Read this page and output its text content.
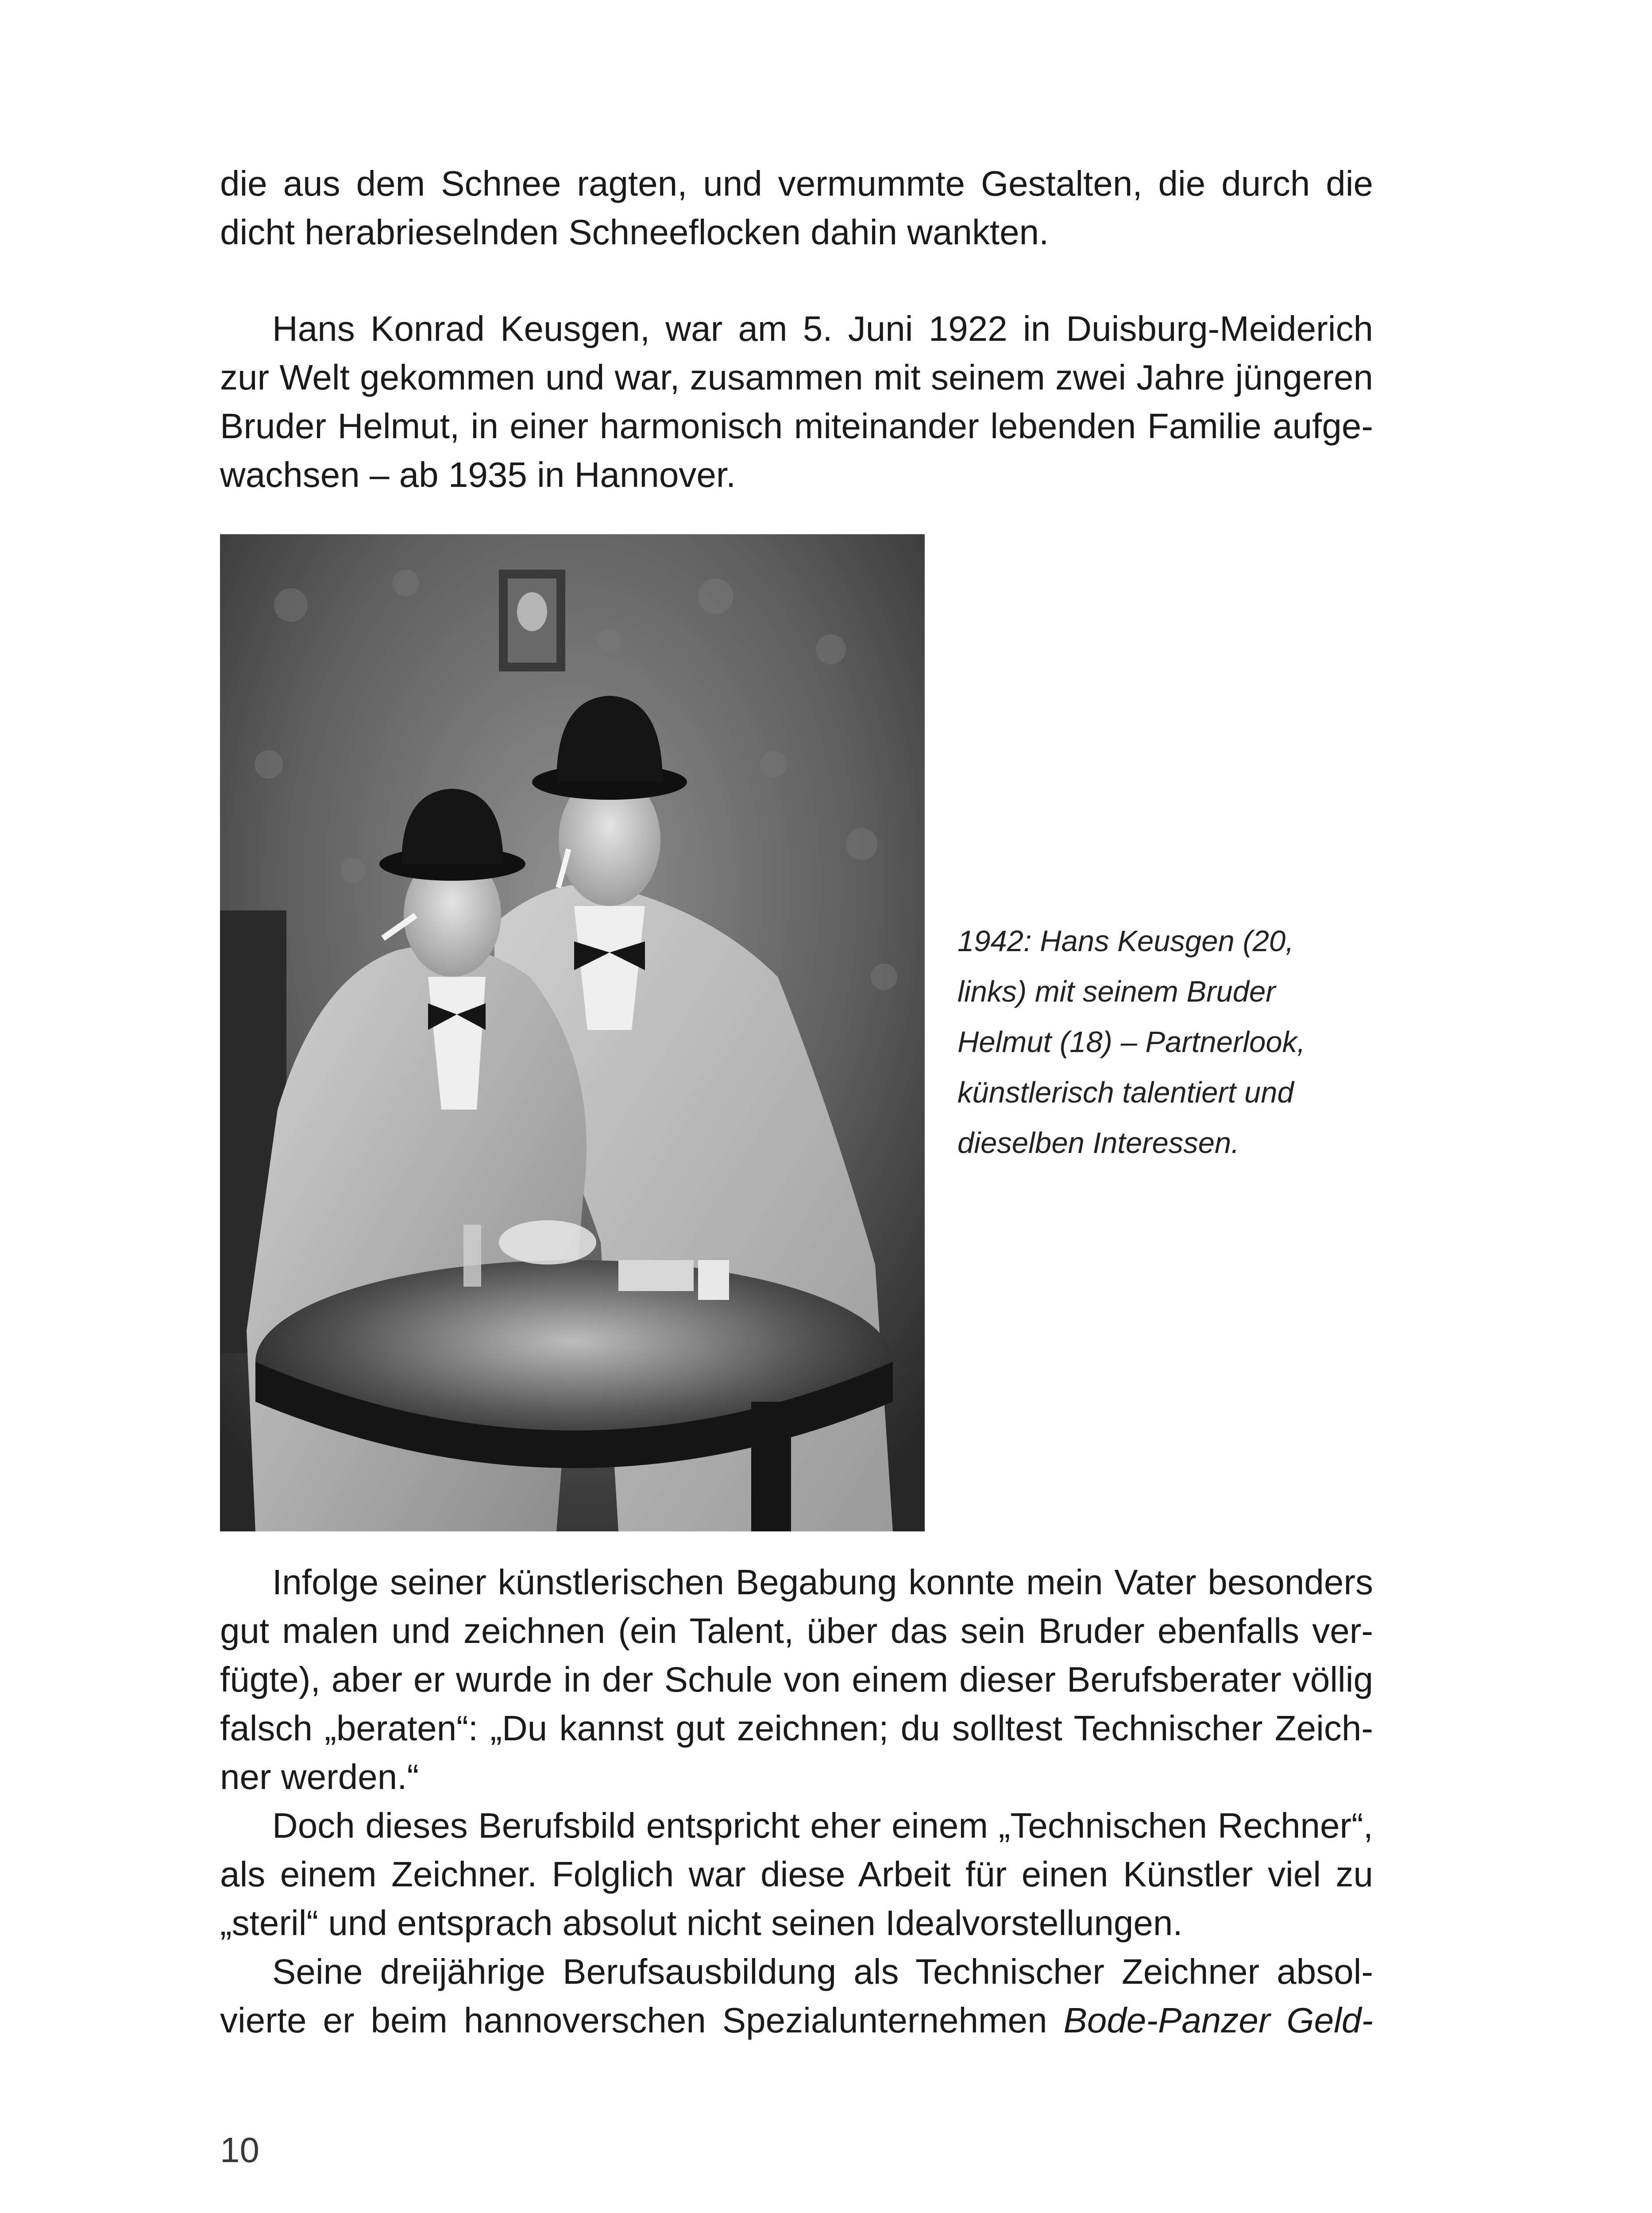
die aus dem Schnee ragten, und vermummte Gestalten, die durch die
dicht herabrieselnden Schneeflocken dahin wankten.
Hans Konrad Keusgen, war am 5. Juni 1922 in Duisburg-Meiderich
zur Welt gekommen und war, zusammen mit seinem zwei Jahre jüngeren
Bruder Helmut, in einer harmonisch miteinander lebenden Familie aufge-
wachsen – ab 1935 in Hannover.
1942: Hans Keusgen (20,
links) mit seinem Bruder
Helmut (18) – Partnerlook,
künstlerisch talentiert und
dieselben Interessen.
Infolge seiner künstlerischen Begabung konnte mein Vater besonders
gut malen und zeichnen (ein Talent, über das sein Bruder ebenfalls ver-
fügte), aber er wurde in der Schule von einem dieser Berufsberater völlig
falsch „beraten“: „Du kannst gut zeichnen; du solltest Technischer Zeich-
ner werden.“
Doch dieses Berufsbild entspricht eher einem „Technischen Rechner“,
als einem Zeichner. Folglich war diese Arbeit für einen Künstler viel zu
„steril“ und entsprach absolut nicht seinen Idealvorstellungen.
Seine dreijährige Berufsausbildung als Technischer Zeichner absol-
vierte er beim hannoverschen Spezialunternehmen Bode-Panzer Geld-
10
